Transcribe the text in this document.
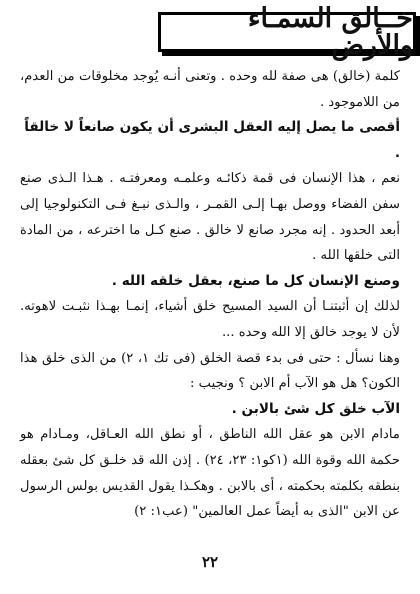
خــالق السمـاء والأرض

كلمة (خالق) هى صفة لله وحده . وتعنى أنـه يُوجد مخلوقات من العدم، من اللاموجود .

أقصى ما يصل إليه العقل البشرى أن يكون صانعاً لا خالقاً .

نعم ، هذا الإنسان فى قمة ذكائـه وعلمـه ومعرفتـه . هـذا الـذى صنع سفن الفضاء ووصل بهـا إلـى القمـر ، والـذى نبـغ فـى التكنولوجيا إلى أبعد الحدود . إنه مجرد صانع لا خالق . صنع كـل ما اخترعه ، من المادة التى خلقها الله .

وصنع الإنسان كل ما صنع، بعقل خلقه الله .

لذلك إن أثبتنـا أن السيد المسيح خلق أشياء، إنمـا بهـذا نثبـت لاهوته. لأن لا يوجد خالق إلا الله وحده ...

وهنا نسأل : حتى فى بدء قصة الخلق (فى تك ١، ٢) من الذى خلق هذا الكون؟ هل هو الآب أم الابن ؟ ونجيب :

الآب خلق كل شئ بالابن .

مادام الابن هو عقل الله الناطق ، أو نطق الله العـاقل، ومـادام هو حكمة الله وقوة الله (١كو١: ٢٣، ٢٤) . إذن الله قد خلـق كل شئ بعقله بنطقه بكلمته بحكمته ، أى بالابن . وهكـذا يقول القديس بولس الرسول عن الابن "الذى به أيضاً عمل العالمين" (عب١: ٢)

٢٢
